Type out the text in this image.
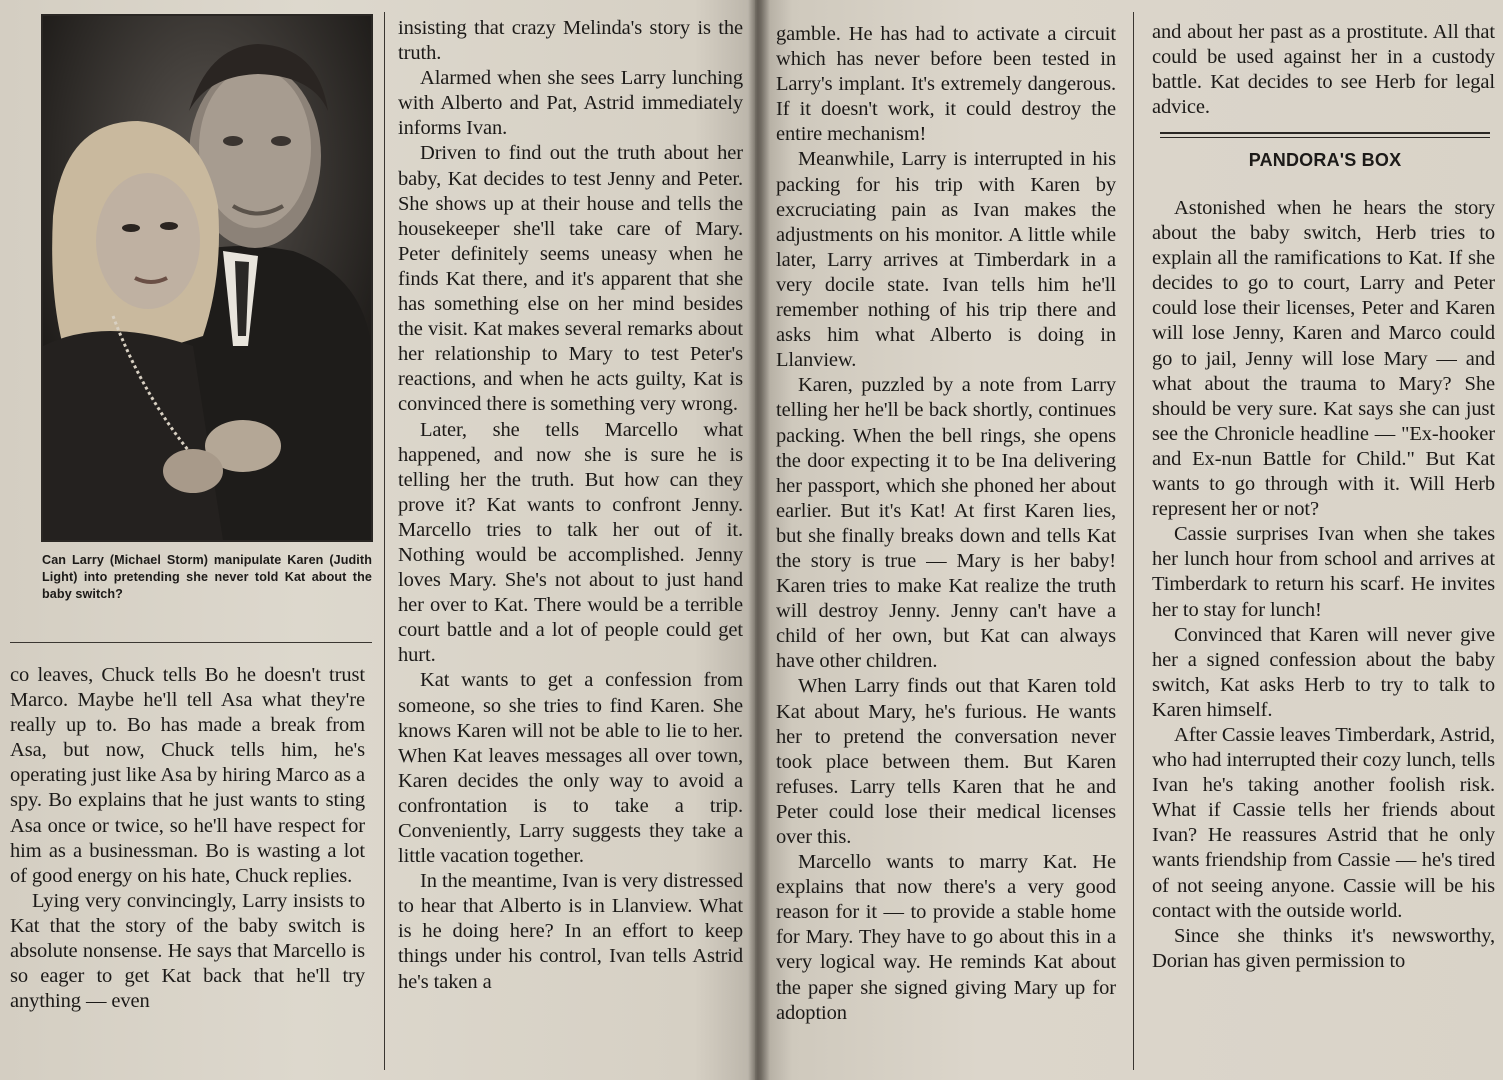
Can Larry (Michael Storm) manipulate Karen (Judith Light) into pretending she never told Kat about the baby switch?

co leaves, Chuck tells Bo he doesn't trust Marco. Maybe he'll tell Asa what they're really up to. Bo has made a break from Asa, but now, Chuck tells him, he's operating just like Asa by hiring Marco as a spy. Bo explains that he just wants to sting Asa once or twice, so he'll have respect for him as a businessman. Bo is wasting a lot of good energy on his hate, Chuck replies.

Lying very convincingly, Larry insists to Kat that the story of the baby switch is absolute nonsense. He says that Marcello is so eager to get Kat back that he'll try anything — even

insisting that crazy Melinda's story is the truth.

Alarmed when she sees Larry lunching with Alberto and Pat, Astrid immediately informs Ivan.

Driven to find out the truth about her baby, Kat decides to test Jenny and Peter. She shows up at their house and tells the housekeeper she'll take care of Mary. Peter definitely seems uneasy when he finds Kat there, and it's apparent that she has something else on her mind besides the visit. Kat makes several remarks about her relationship to Mary to test Peter's reactions, and when he acts guilty, Kat is convinced there is something very wrong.

Later, she tells Marcello what happened, and now she is sure he is telling her the truth. But how can they prove it? Kat wants to confront Jenny. Marcello tries to talk her out of it. Nothing would be accomplished. Jenny loves Mary. She's not about to just hand her over to Kat. There would be a terrible court battle and a lot of people could get hurt.

Kat wants to get a confession from someone, so she tries to find Karen. She knows Karen will not be able to lie to her. When Kat leaves messages all over town, Karen decides the only way to avoid a confrontation is to take a trip. Conveniently, Larry suggests they take a little vacation together.

In the meantime, Ivan is very distressed to hear that Alberto is in Llanview. What is he doing here? In an effort to keep things under his control, Ivan tells Astrid he's taken a

gamble. He has had to activate a circuit which has never before been tested in Larry's implant. It's extremely dangerous. If it doesn't work, it could destroy the entire mechanism!

Meanwhile, Larry is interrupted in his packing for his trip with Karen by excruciating pain as Ivan makes the adjustments on his monitor. A little while later, Larry arrives at Timberdark in a very docile state. Ivan tells him he'll remember nothing of his trip there and asks him what Alberto is doing in Llanview.

Karen, puzzled by a note from Larry telling her he'll be back shortly, continues packing. When the bell rings, she opens the door expecting it to be Ina delivering her passport, which she phoned her about earlier. But it's Kat! At first Karen lies, but she finally breaks down and tells Kat the story is true — Mary is her baby! Karen tries to make Kat realize the truth will destroy Jenny. Jenny can't have a child of her own, but Kat can always have other children.

When Larry finds out that Karen told Kat about Mary, he's furious. He wants her to pretend the conversation never took place between them. But Karen refuses. Larry tells Karen that he and Peter could lose their medical licenses over this.

Marcello wants to marry Kat. He explains that now there's a very good reason for it — to provide a stable home for Mary. They have to go about this in a very logical way. He reminds Kat about the paper she signed giving Mary up for adoption

and about her past as a prostitute. All that could be used against her in a custody battle. Kat decides to see Herb for legal advice.

PANDORA'S BOX

Astonished when he hears the story about the baby switch, Herb tries to explain all the ramifications to Kat. If she decides to go to court, Larry and Peter could lose their licenses, Peter and Karen will lose Jenny, Karen and Marco could go to jail, Jenny will lose Mary — and what about the trauma to Mary? She should be very sure. Kat says she can just see the Chronicle headline — "Ex-hooker and Ex-nun Battle for Child." But Kat wants to go through with it. Will Herb represent her or not?

Cassie surprises Ivan when she takes her lunch hour from school and arrives at Timberdark to return his scarf. He invites her to stay for lunch!

Convinced that Karen will never give her a signed confession about the baby switch, Kat asks Herb to try to talk to Karen himself.

After Cassie leaves Timberdark, Astrid, who had interrupted their cozy lunch, tells Ivan he's taking another foolish risk. What if Cassie tells her friends about Ivan? He reassures Astrid that he only wants friendship from Cassie — he's tired of not seeing anyone. Cassie will be his contact with the outside world.

Since she thinks it's newsworthy, Dorian has given permission to
